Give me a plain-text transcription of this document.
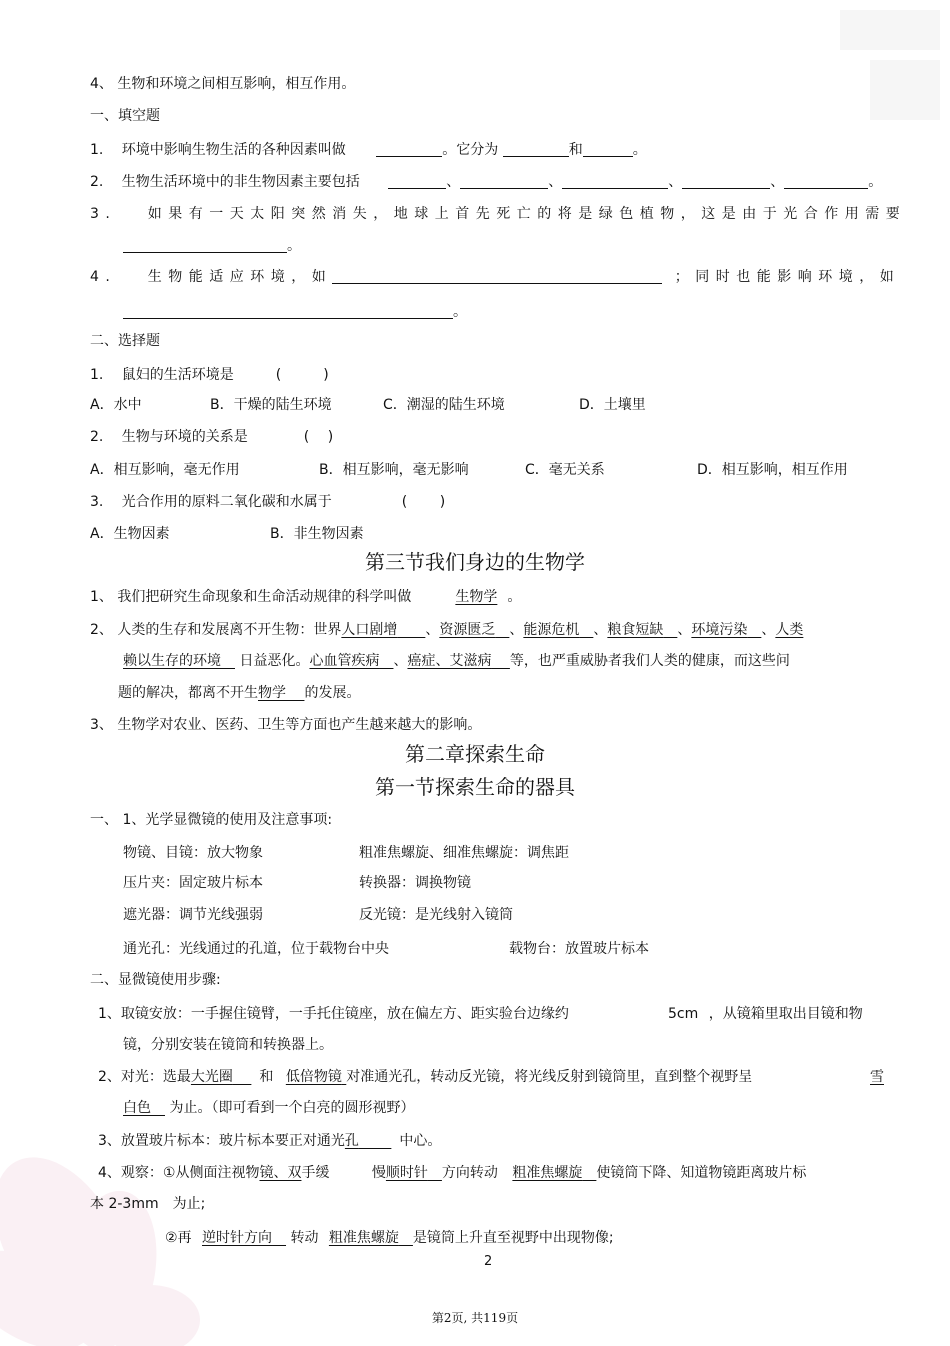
4、 生物和环境之间相互影响，相互作用。
一、填空题
1.　 环境中影响生物生活的各种因素叫做	。它分为	和	。
2.　 生物生活环境中的非生物因素主要包括	、	、	、	、	。
3.　 如果有一天太阳突然消失，地球上首先死亡的将是绿色植物，这是由于光合作用需要
。
4.　 生物能适应环境，如	；同时也能影响环境，如
。
二、选择题
1.　 鼠妇的生活环境是　　　(　　　)
A．水中	B．干燥的陆生环境	C．潮湿的陆生环境	D．土壤里
2.　 生物与环境的关系是　　　　(　 )
A．相互影响，毫无作用	B．相互影响，毫无影响	C．毫无关系	D．相互影响，相互作用
3.　 光合作用的原料二氧化碳和水属于　　　　　(　　 )
A．生物因素	B．非生物因素
第三节我们身边的生物学
1、 我们把研究生命现象和生命活动规律的科学叫做	生物学 。
2、 人类的生存和发展离不开生物：世界人口剧增　　 、资源匮乏　 、能源危机　 、粮食短缺　 、环境污染　 、人类
赖以生存的环境　 日益恶化。心血管疾病　 、癌症、艾滋病　 等，也严重威胁者我们人类的健康，而这些问
题的解决，都离不开生物学　 的发展。
3、 生物学对农业、医药、卫生等方面也产生越来越大的影响。
第二章探索生命
第一节探索生命的器具
一、 1、光学显微镜的使用及注意事项:
物镜、目镜：放大物象	粗准焦螺旋、细准焦螺旋：调焦距
压片夹：固定玻片标本	转换器：调换物镜
遮光器：调节光线强弱	反光镜：是光线射入镜筒
通光孔：光线通过的孔道，位于载物台中央	载物台：放置玻片标本
二、显微镜使用步骤:
1、取镜安放：一手握住镜臂，一手托住镜座，放在偏左方、距实验台边缘约	5cm ，从镜箱里取出目镜和物
镜，分别安装在镜筒和转换器上。
2、对光：选最大光圈　 和 低倍物镜 对准通光孔，转动反光镜，将光线反射到镜筒里，直到整个视野呈	雪
白色　 为止。（即可看到一个白亮的圆形视野）
3、放置玻片标本：玻片标本要正对通光孔　　	中心。
4、观察：①从侧面注视物镜、双手缓	慢顺时针　 方向转动 粗准焦螺旋　 使镜筒下降、知道物镜距离玻片标
本 2-3mm　为止;
②再 逆时针方向　 转动 粗准焦螺旋　 是镜筒上升直至视野中出现物像;
2
第2页, 共119页
